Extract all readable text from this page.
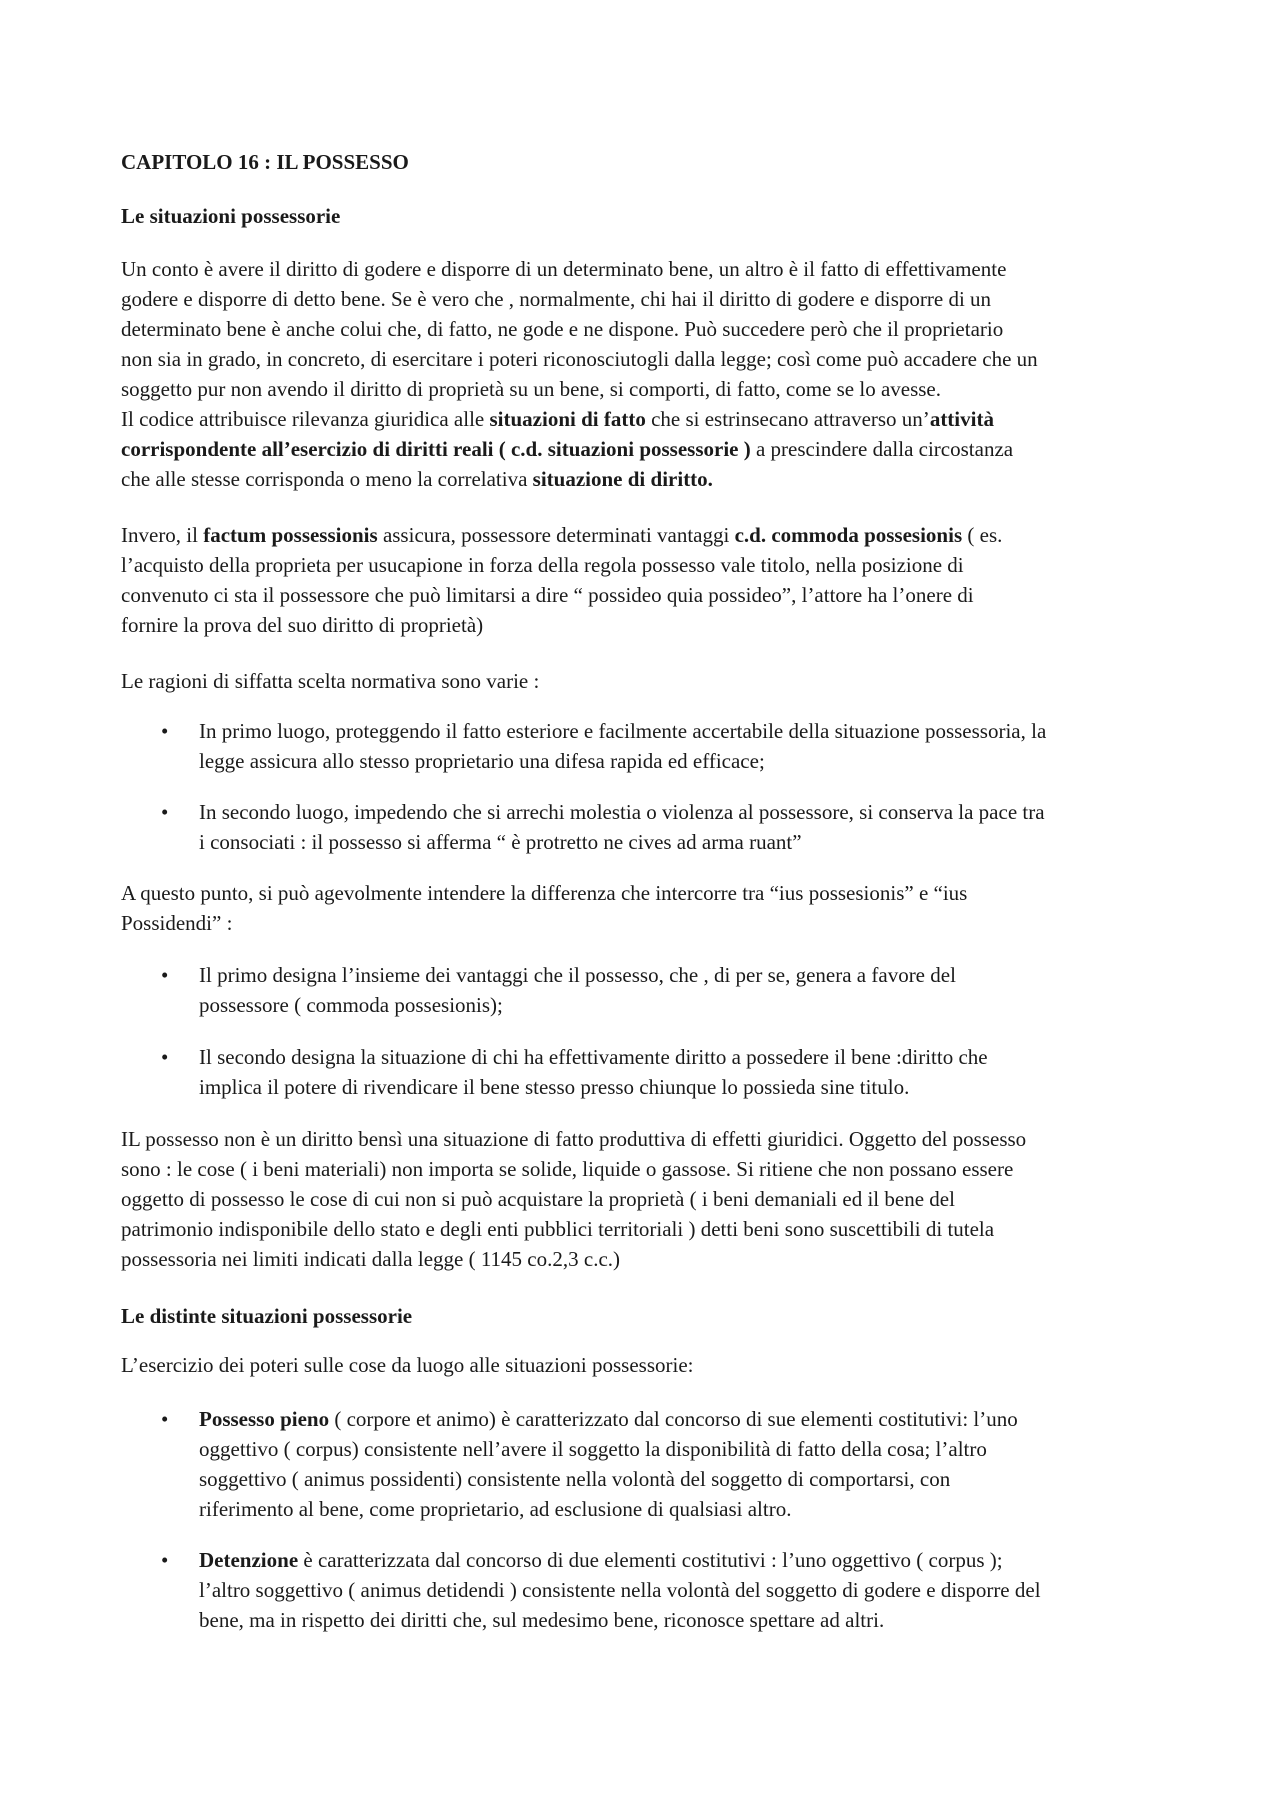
CAPITOLO 16 : IL POSSESSO
Le situazioni possessorie
Un conto è avere il diritto di godere e disporre di un determinato bene, un altro è il fatto di effettivamente
godere e disporre di detto bene. Se è vero che , normalmente, chi hai il diritto di godere e disporre di un
determinato bene è anche colui che, di fatto, ne gode e ne dispone. Può succedere però che il proprietario
non sia in grado, in concreto, di esercitare i poteri riconosciutogli dalla legge; così come può accadere che un
soggetto pur non avendo il diritto di proprietà su un bene, si comporti, di fatto, come se lo avesse.
Il codice attribuisce rilevanza giuridica alle situazioni di fatto che si estrinsecano attraverso un’attività
corrispondente all’esercizio di diritti reali ( c.d. situazioni possessorie ) a prescindere dalla circostanza
che alle stesse corrisponda o meno la correlativa situazione di diritto.
Invero, il factum possessionis assicura, possessore determinati vantaggi c.d. commoda possesionis ( es.
l’acquisto della proprieta per usucapione in forza della regola possesso vale titolo, nella posizione di
convenuto ci sta il possessore che può limitarsi a dire “ possideo quia possideo”, l’attore ha l’onere di
fornire la prova del suo diritto di proprietà)
Le ragioni di siffatta scelta normativa sono varie :
• In primo luogo, proteggendo il fatto esteriore e facilmente accertabile della situazione possessoria, la
legge assicura allo stesso proprietario una difesa rapida ed efficace;

• In secondo luogo, impedendo che si arrechi molestia o violenza al possessore, si conserva la pace tra
i consociati : il possesso si afferma “ è protretto ne cives ad arma ruant”

A questo punto, si può agevolmente intendere la differenza che intercorre tra “ius possesionis” e “ius
Possidendi” :
• Il primo designa l’insieme dei vantaggi che il possesso, che , di per se, genera a favore del
possessore ( commoda possesionis);

• Il secondo designa la situazione di chi ha effettivamente diritto a possedere il bene :diritto che
implica il potere di rivendicare il bene stesso presso chiunque lo possieda sine titulo.

IL possesso non è un diritto bensì una situazione di fatto produttiva di effetti giuridici. Oggetto del possesso
sono : le cose ( i beni materiali) non importa se solide, liquide o gassose. Si ritiene che non possano essere
oggetto di possesso le cose di cui non si può acquistare la proprietà ( i beni demaniali ed il bene del
patrimonio indisponibile dello stato e degli enti pubblici territoriali ) detti beni sono suscettibili di tutela
possessoria nei limiti indicati dalla legge ( 1145 co.2,3 c.c.)
Le distinte situazioni possessorie
L’esercizio dei poteri sulle cose da luogo alle situazioni possessorie:
• Possesso pieno ( corpore et animo) è caratterizzato dal concorso di sue elementi costitutivi: l’uno
oggettivo ( corpus) consistente nell’avere il soggetto la disponibilità di fatto della cosa; l’altro
soggettivo ( animus possidenti) consistente nella volontà del soggetto di comportarsi, con
riferimento al bene, come proprietario, ad esclusione di qualsiasi altro.

• Detenzione è caratterizzata dal concorso di due elementi costitutivi : l’uno oggettivo ( corpus );
l’altro soggettivo ( animus detidendi ) consistente nella volontà del soggetto di godere e disporre del
bene, ma in rispetto dei diritti che, sul medesimo bene, riconosce spettare ad altri.
